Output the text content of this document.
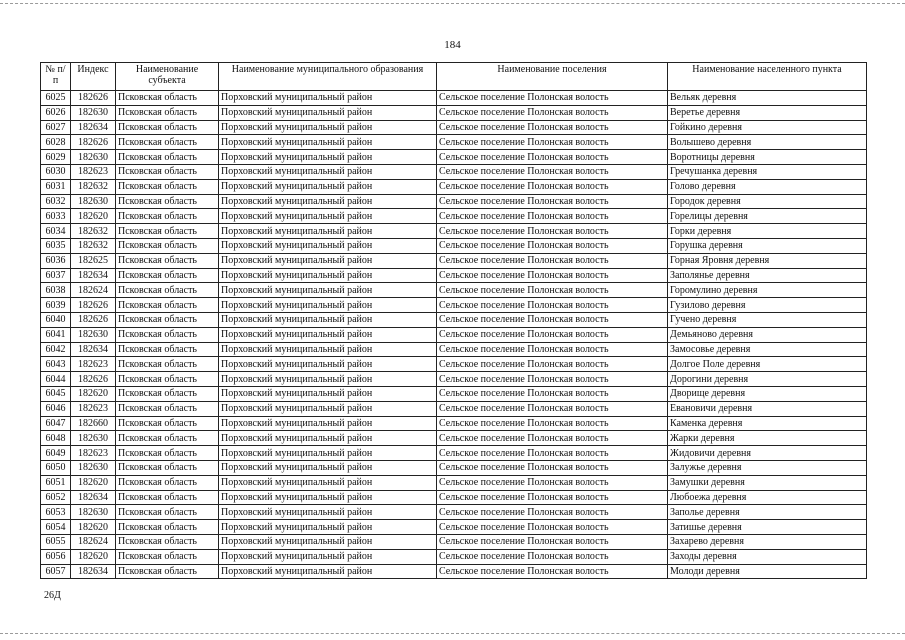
184
№ п/п	Индекс	Наименование субъекта	Наименование муниципального образования	Наименование поселения	Наименование населенного пункта
6025	182626	Псковская область	Порховский муниципальный район	Сельское поселение Полонская волость	Вельяк деревня
6026	182630	Псковская область	Порховский муниципальный район	Сельское поселение Полонская волость	Веретье деревня
6027	182634	Псковская область	Порховский муниципальный район	Сельское поселение Полонская волость	Гойкино деревня
6028	182626	Псковская область	Порховский муниципальный район	Сельское поселение Полонская волость	Волышево деревня
6029	182630	Псковская область	Порховский муниципальный район	Сельское поселение Полонская волость	Воротницы деревня
6030	182623	Псковская область	Порховский муниципальный район	Сельское поселение Полонская волость	Гречушанка деревня
6031	182632	Псковская область	Порховский муниципальный район	Сельское поселение Полонская волость	Голово деревня
6032	182630	Псковская область	Порховский муниципальный район	Сельское поселение Полонская волость	Городок деревня
6033	182620	Псковская область	Порховский муниципальный район	Сельское поселение Полонская волость	Горелицы деревня
6034	182632	Псковская область	Порховский муниципальный район	Сельское поселение Полонская волость	Горки деревня
6035	182632	Псковская область	Порховский муниципальный район	Сельское поселение Полонская волость	Горушка деревня
6036	182625	Псковская область	Порховский муниципальный район	Сельское поселение Полонская волость	Горная Яровня деревня
6037	182634	Псковская область	Порховский муниципальный район	Сельское поселение Полонская волость	Заполянье деревня
6038	182624	Псковская область	Порховский муниципальный район	Сельское поселение Полонская волость	Горомулино деревня
6039	182626	Псковская область	Порховский муниципальный район	Сельское поселение Полонская волость	Гузилово деревня
6040	182626	Псковская область	Порховский муниципальный район	Сельское поселение Полонская волость	Гучено деревня
6041	182630	Псковская область	Порховский муниципальный район	Сельское поселение Полонская волость	Демьяново деревня
6042	182634	Псковская область	Порховский муниципальный район	Сельское поселение Полонская волость	Замосовье деревня
6043	182623	Псковская область	Порховский муниципальный район	Сельское поселение Полонская волость	Долгое Поле деревня
6044	182626	Псковская область	Порховский муниципальный район	Сельское поселение Полонская волость	Дорогини деревня
6045	182620	Псковская область	Порховский муниципальный район	Сельское поселение Полонская волость	Дворище деревня
6046	182623	Псковская область	Порховский муниципальный район	Сельское поселение Полонская волость	Евановичи деревня
6047	182660	Псковская область	Порховский муниципальный район	Сельское поселение Полонская волость	Каменка деревня
6048	182630	Псковская область	Порховский муниципальный район	Сельское поселение Полонская волость	Жарки деревня
6049	182623	Псковская область	Порховский муниципальный район	Сельское поселение Полонская волость	Жидовичи деревня
6050	182630	Псковская область	Порховский муниципальный район	Сельское поселение Полонская волость	Залужье деревня
6051	182620	Псковская область	Порховский муниципальный район	Сельское поселение Полонская волость	Замушки деревня
6052	182634	Псковская область	Порховский муниципальный район	Сельское поселение Полонская волость	Любоежа деревня
6053	182630	Псковская область	Порховский муниципальный район	Сельское поселение Полонская волость	Заполье деревня
6054	182620	Псковская область	Порховский муниципальный район	Сельское поселение Полонская волость	Затишье деревня
6055	182624	Псковская область	Порховский муниципальный район	Сельское поселение Полонская волость	Захарево деревня
6056	182620	Псковская область	Порховский муниципальный район	Сельское поселение Полонская волость	Заходы деревня
6057	182634	Псковская область	Порховский муниципальный район	Сельское поселение Полонская волость	Молоди деревня
26Д
